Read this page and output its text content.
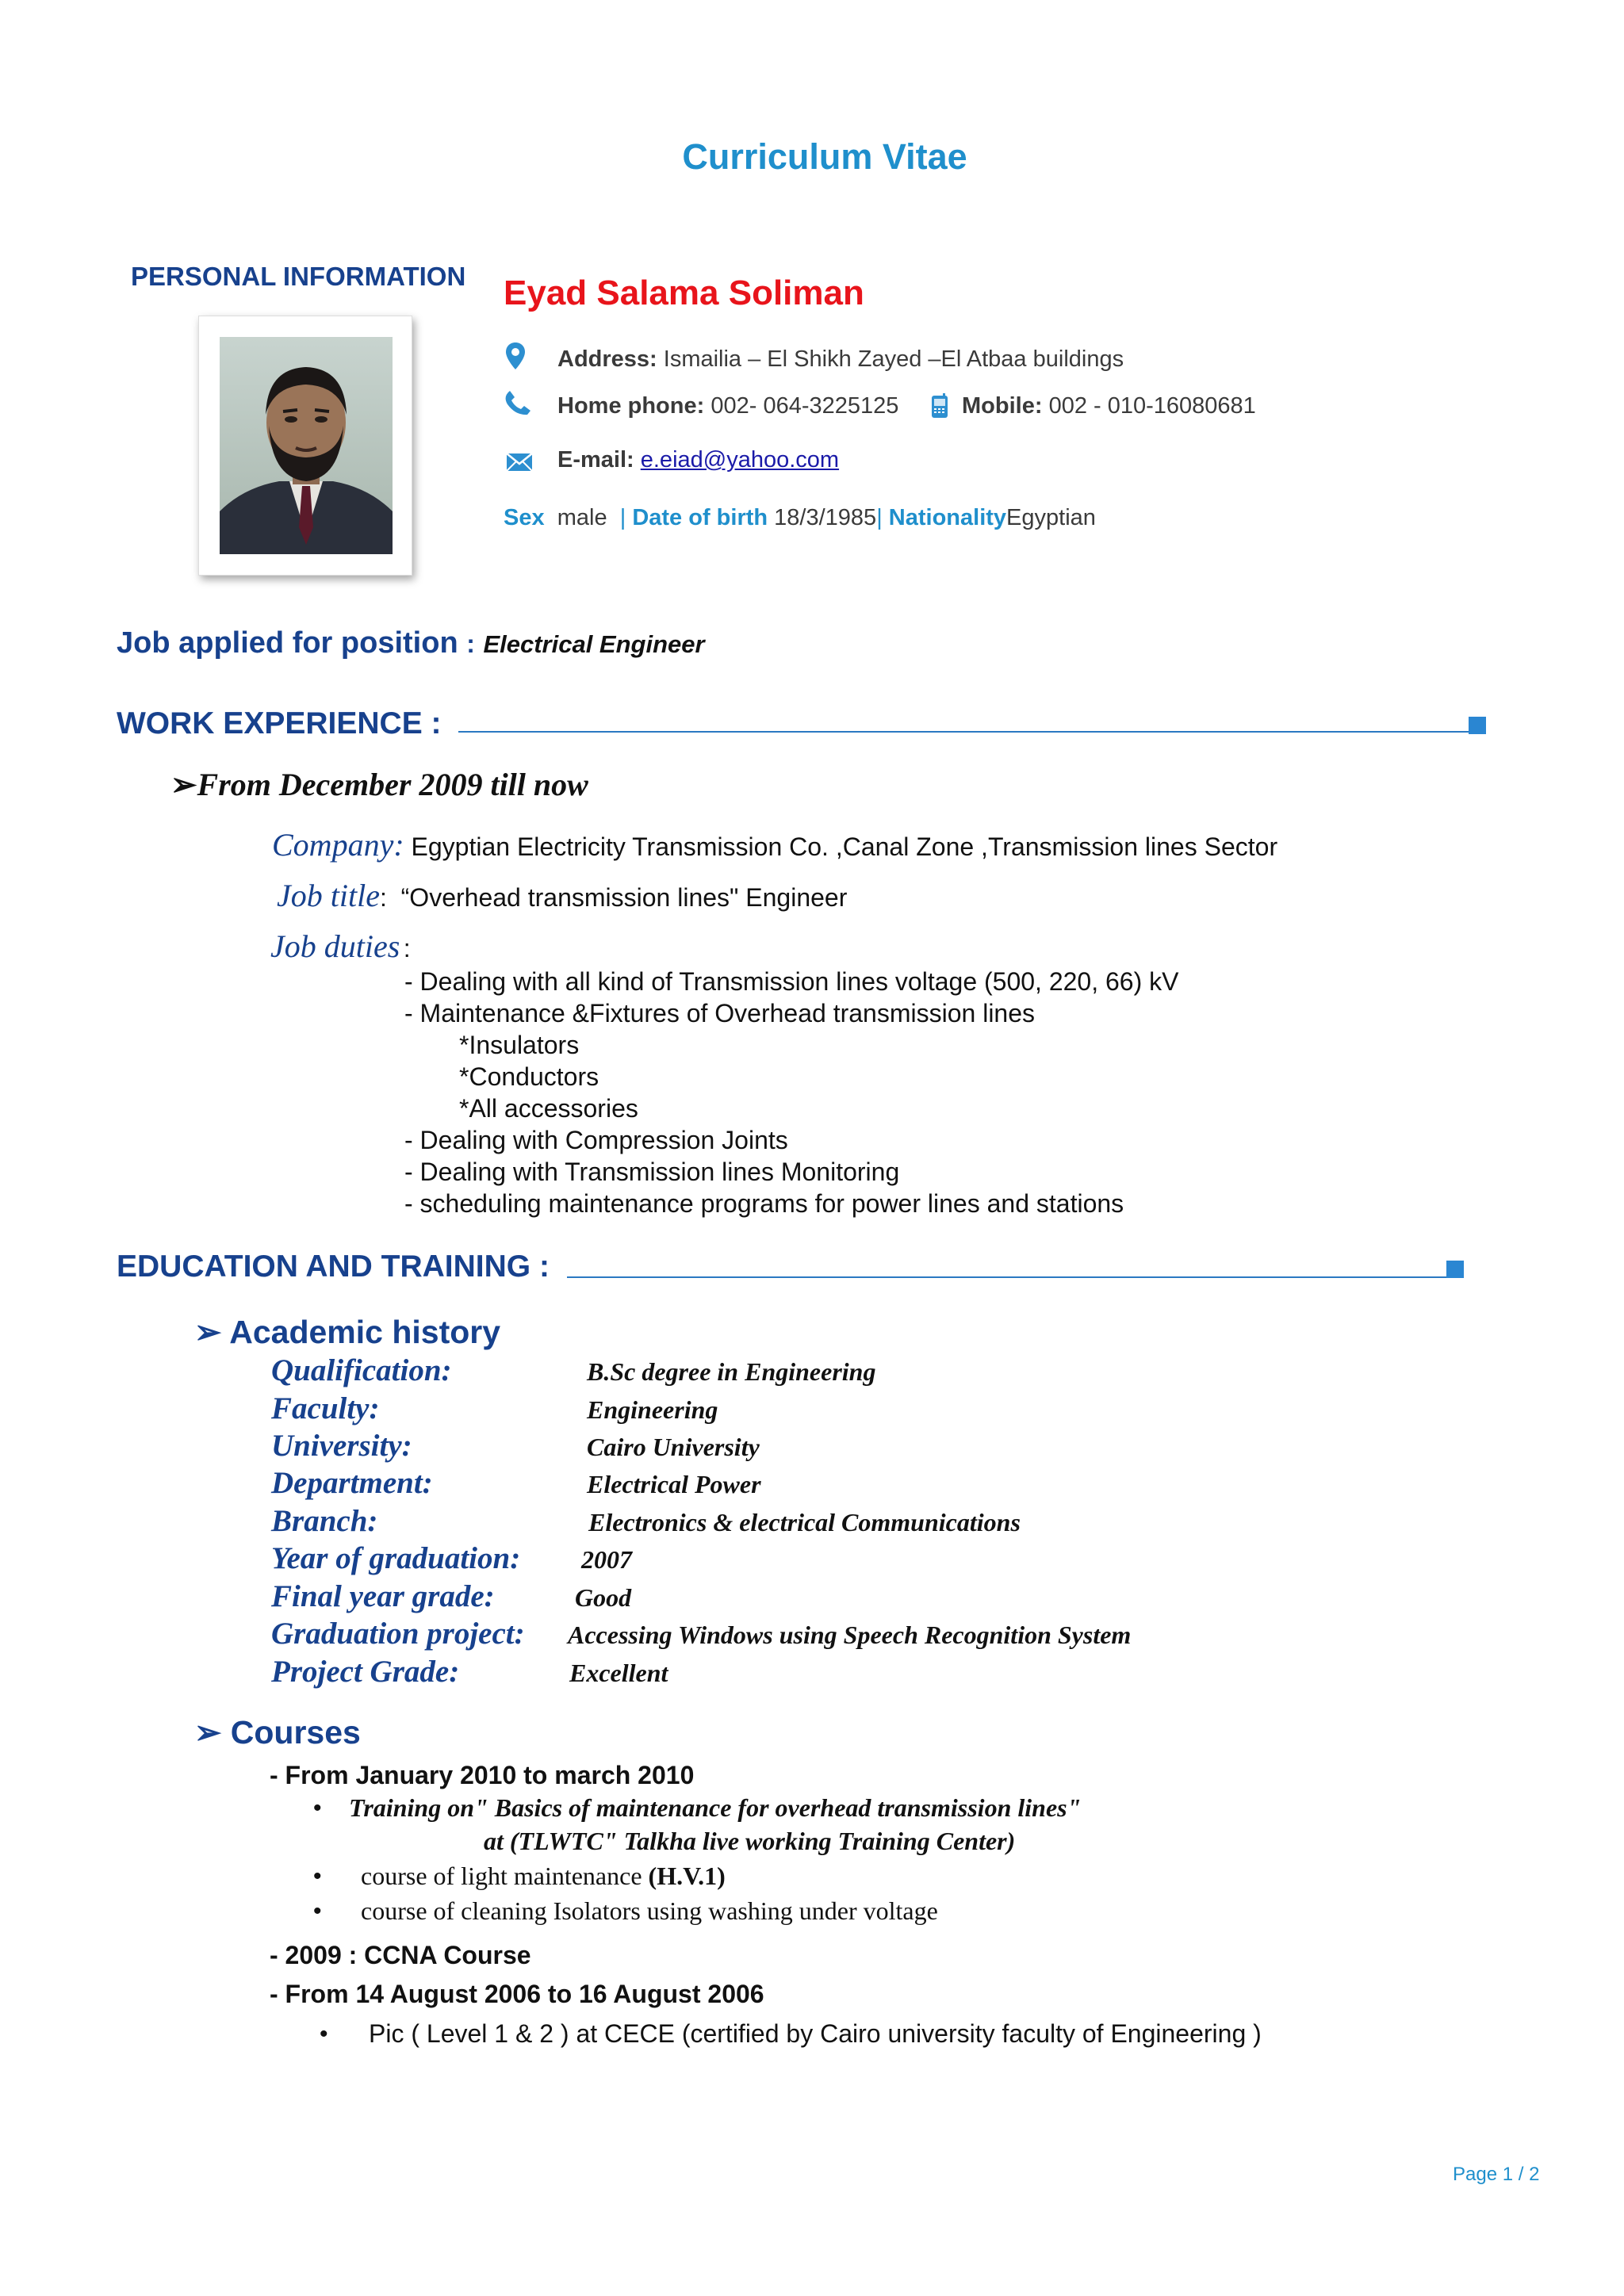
Curriculum Vitae
PERSONAL INFORMATION Eyad Salama Soliman
Address: Ismailia – El Shikh Zayed –El Atbaa buildings
Home phone: 002- 064-3225125	Mobile: 002 - 010-16080681
E-mail: e.eiad@yahoo.com
Sex male | Date of birth 18/3/1985| NationalityEgyptian
Job applied for position : Electrical Engineer
WORK EXPERIENCE :
➢From December 2009 till now
Company: Egyptian Electricity Transmission Co. ,Canal Zone ,Transmission lines Sector
Job title: “Overhead transmission lines" Engineer
Job duties :
- Dealing with all kind of Transmission lines voltage (500, 220, 66) kV
- Maintenance &Fixtures of Overhead transmission lines
*Insulators
*Conductors
*All accessories
- Dealing with Compression Joints
- Dealing with Transmission lines Monitoring
- scheduling maintenance programs for power lines and stations
EDUCATION AND TRAINING :
➢ Academic history
Qualification:	B.Sc degree in Engineering
Faculty:	Engineering
University:	Cairo University
Department:	Electrical Power
Branch:	Electronics & electrical Communications
Year of graduation: 2007
Final year grade:	Good
Graduation project: Accessing Windows using Speech Recognition System
Project Grade:	Excellent
➢ Courses
- From January 2010 to march 2010
• Training on" Basics of maintenance for overhead transmission lines"
at (TLWTC" Talkha live working Training Center)
• course of light maintenance (H.V.1)
• course of cleaning Isolators using washing under voltage
- 2009 : CCNA Course
- From 14 August 2006 to 16 August 2006
• Pic ( Level 1 & 2 ) at CECE (certified by Cairo university faculty of Engineering )
Page 1 / 2
